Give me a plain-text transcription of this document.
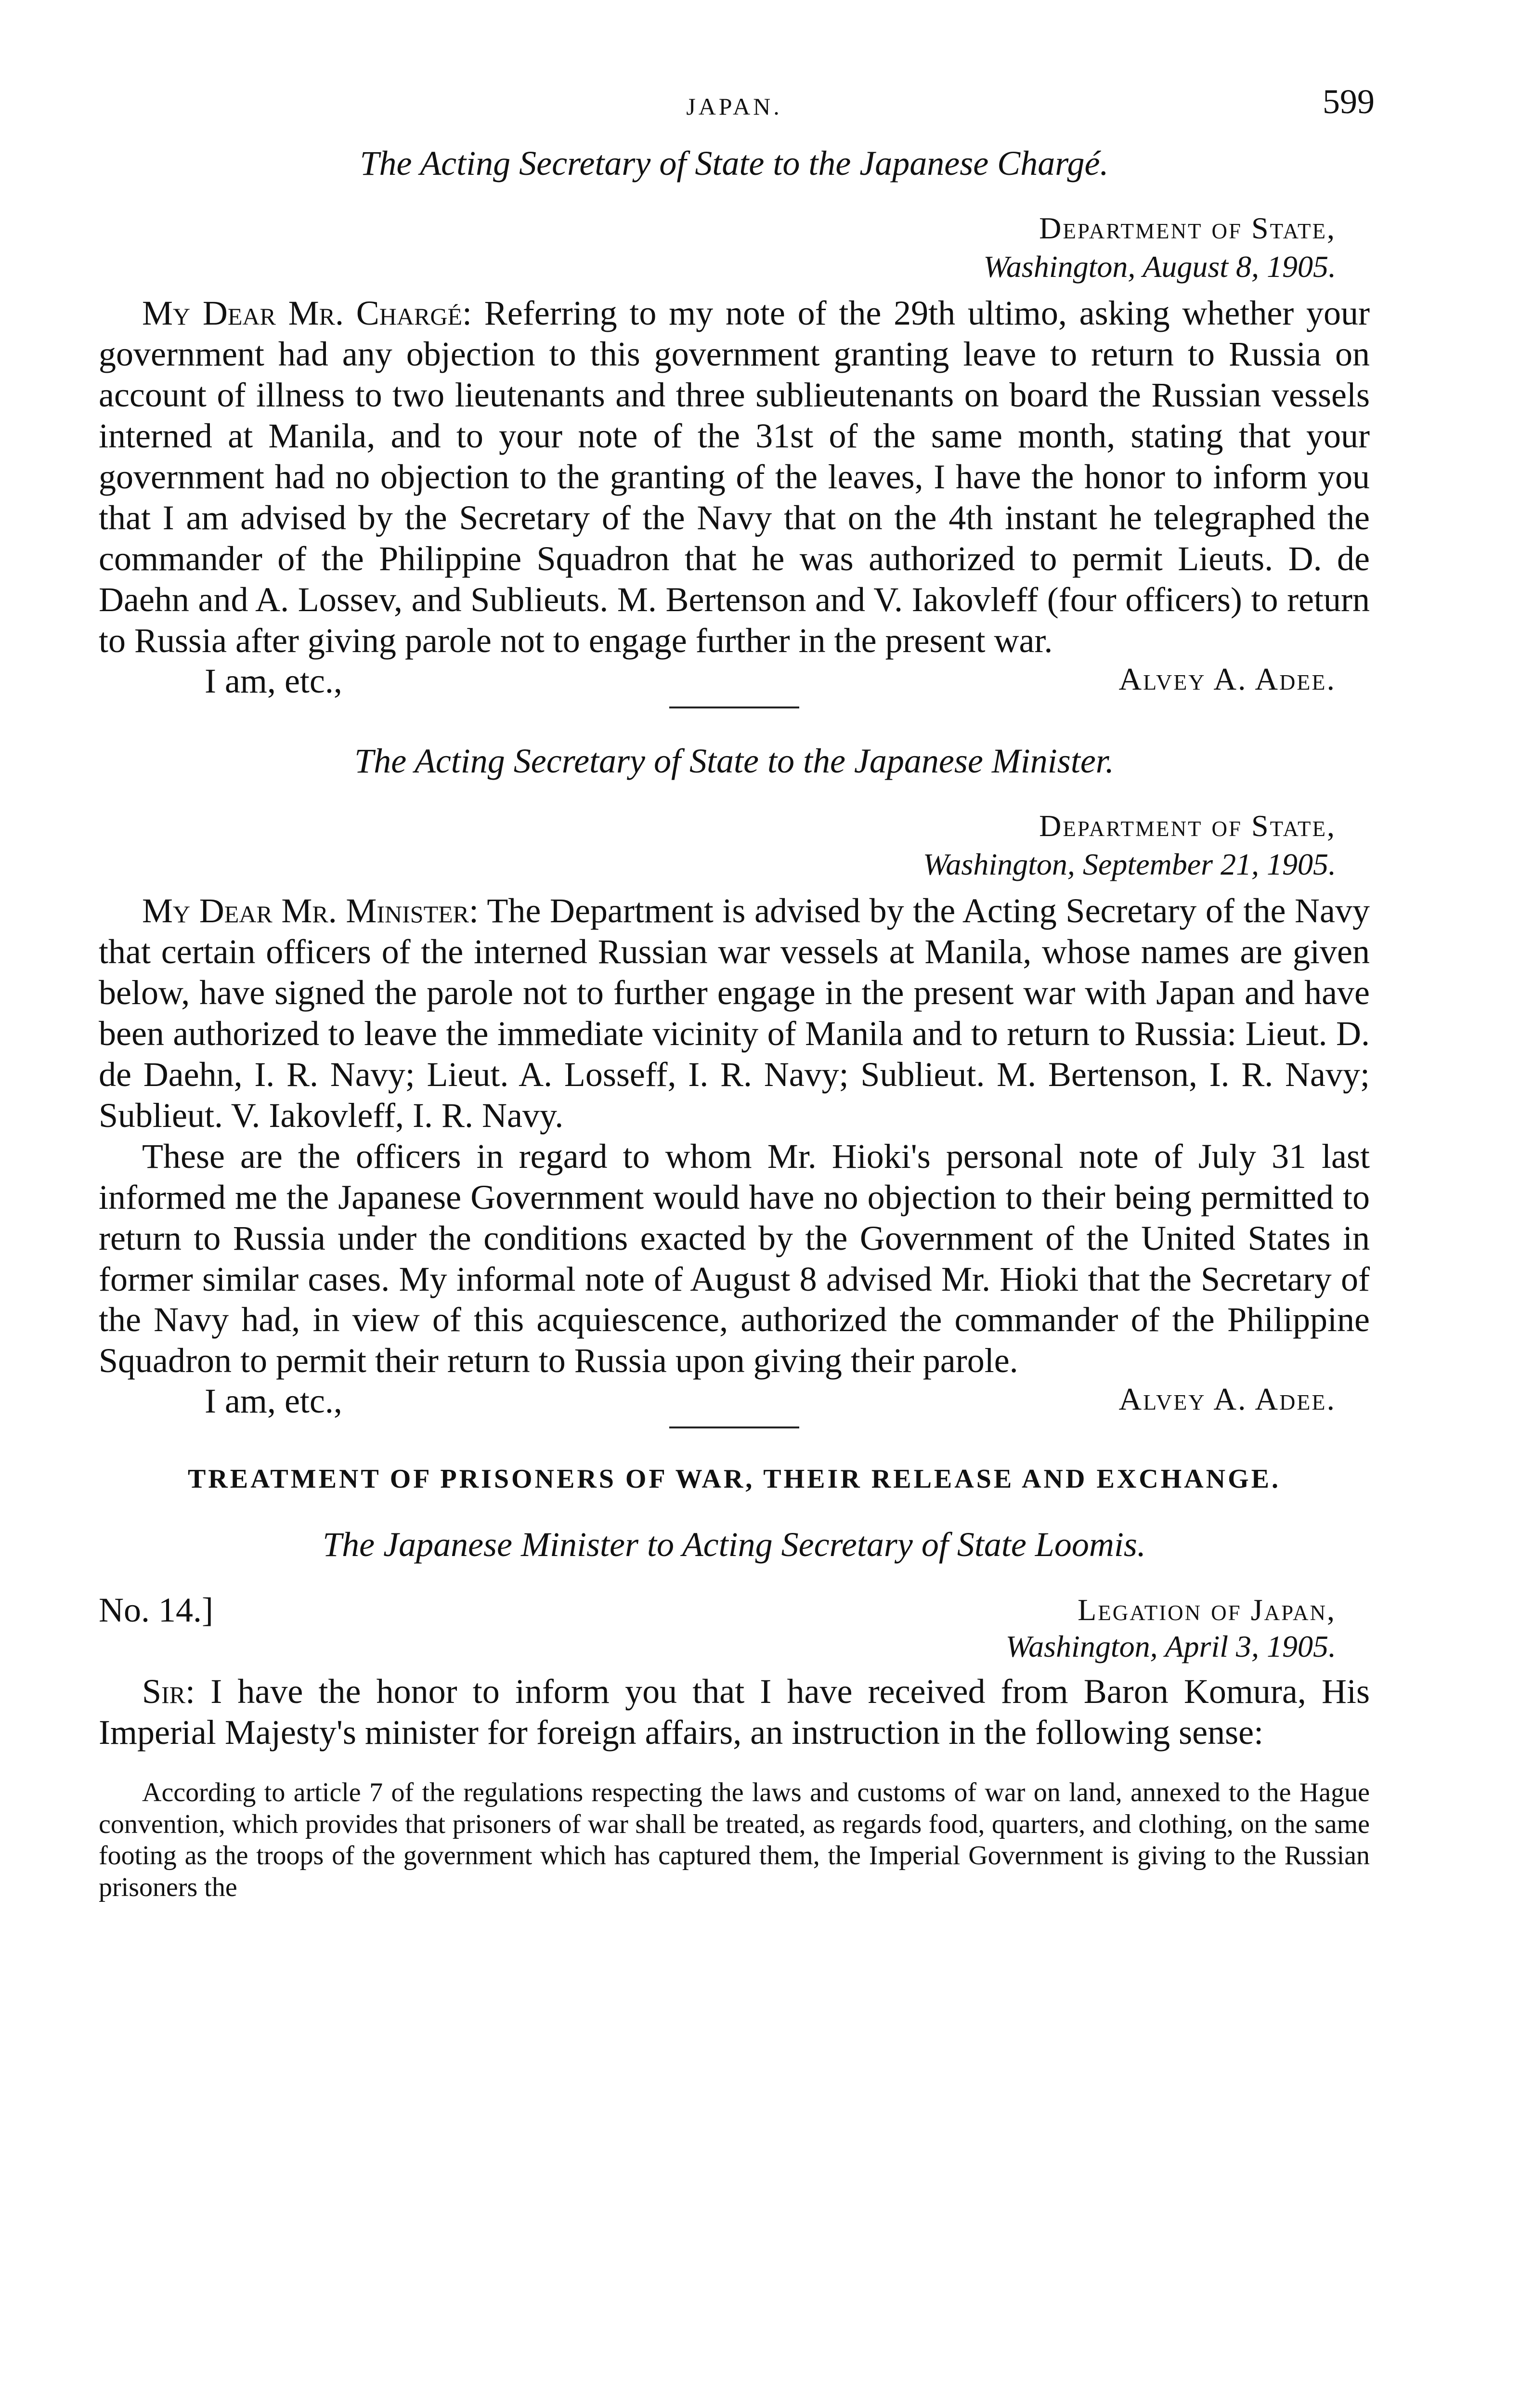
JAPAN.	599
The Acting Secretary of State to the Japanese Chargé.
Department of State,
Washington, August 8, 1905.

My Dear Mr. Chargé: Referring to my note of the 29th ultimo, asking whether your government had any objection to this government granting leave to return to Russia on account of illness to two lieutenants and three sublieutenants on board the Russian vessels interned at Manila, and to your note of the 31st of the same month, stating that your government had no objection to the granting of the leaves, I have the honor to inform you that I am advised by the Secretary of the Navy that on the 4th instant he telegraphed the commander of the Philippine Squadron that he was authorized to permit Lieuts. D. de Daehn and A. Lossev, and Sublieuts. M. Bertenson and V. Iakovleff (four officers) to return to Russia after giving parole not to engage further in the present war.

I am, etc.,	Alvey A. Adee.
The Acting Secretary of State to the Japanese Minister.
Department of State,
Washington, September 21, 1905.

My Dear Mr. Minister: The Department is advised by the Acting Secretary of the Navy that certain officers of the interned Russian war vessels at Manila, whose names are given below, have signed the parole not to further engage in the present war with Japan and have been authorized to leave the immediate vicinity of Manila and to return to Russia: Lieut. D. de Daehn, I. R. Navy; Lieut. A. Losseff, I. R. Navy; Sublieut. M. Bertenson, I. R. Navy; Sublieut. V. Iakovleff, I. R. Navy.

These are the officers in regard to whom Mr. Hioki's personal note of July 31 last informed me the Japanese Government would have no objection to their being permitted to return to Russia under the conditions exacted by the Government of the United States in former similar cases. My informal note of August 8 advised Mr. Hioki that the Secretary of the Navy had, in view of this acquiescence, authorized the commander of the Philippine Squadron to permit their return to Russia upon giving their parole.

I am, etc.,	Alvey A. Adee.
TREATMENT OF PRISONERS OF WAR, THEIR RELEASE AND EXCHANGE.
The Japanese Minister to Acting Secretary of State Loomis.
No. 14.]	Legation of Japan,
Washington, April 3, 1905.

Sir: I have the honor to inform you that I have received from Baron Komura, His Imperial Majesty's minister for foreign affairs, an instruction in the following sense:

According to article 7 of the regulations respecting the laws and customs of war on land, annexed to the Hague convention, which provides that prisoners of war shall be treated, as regards food, quarters, and clothing, on the same footing as the troops of the government which has captured them, the Imperial Government is giving to the Russian prisoners the
